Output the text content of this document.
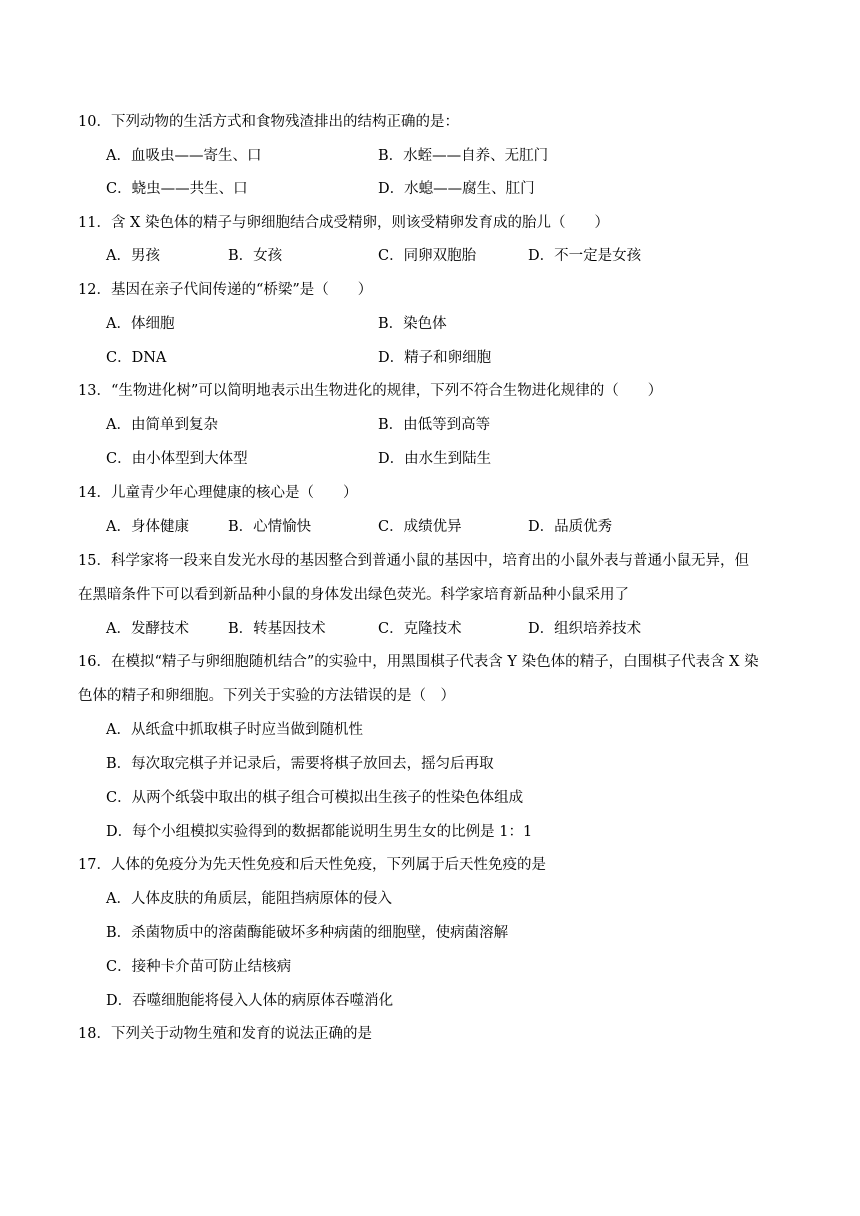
10．下列动物的生活方式和食物残渣排出的结构正确的是：
A．血吸虫——寄生、口	B．水蛭——自养、无肛门
C．蛲虫——共生、口	D．水螅——腐生、肛门
11．含 X 染色体的精子与卵细胞结合成受精卵，则该受精卵发育成的胎儿（　　）
A．男孩	B．女孩	C．同卵双胞胎	D．不一定是女孩
12．基因在亲子代间传递的“桥梁”是（　　）
A．体细胞	B．染色体
C．DNA	D．精子和卵细胞
13．“生物进化树”可以简明地表示出生物进化的规律，下列不符合生物进化规律的（　　）
A．由简单到复杂	B．由低等到高等
C．由小体型到大体型	D．由水生到陆生
14．儿童青少年心理健康的核心是（　　）
A．身体健康	B．心情愉快	C．成绩优异	D．品质优秀
15．科学家将一段来自发光水母的基因整合到普通小鼠的基因中，培育出的小鼠外表与普通小鼠无异，但
在黑暗条件下可以看到新品种小鼠的身体发出绿色荧光。科学家培育新品种小鼠采用了
A．发酵技术	B．转基因技术	C．克隆技术	D．组织培养技术
16．在模拟“精子与卵细胞随机结合”的实验中，用黑围棋子代表含 Y 染色体的精子，白围棋子代表含 X 染
色体的精子和卵细胞。下列关于实验的方法错误的是（　）
A．从纸盒中抓取棋子时应当做到随机性
B．每次取完棋子并记录后，需要将棋子放回去，摇匀后再取
C．从两个纸袋中取出的棋子组合可模拟出生孩子的性染色体组成
D．每个小组模拟实验得到的数据都能说明生男生女的比例是 1：1
17．人体的免疫分为先天性免疫和后天性免疫，下列属于后天性免疫的是
A．人体皮肤的角质层，能阻挡病原体的侵入
B．杀菌物质中的溶菌酶能破坏多种病菌的细胞壁，使病菌溶解
C．接种卡介苗可防止结核病
D．吞噬细胞能将侵入人体的病原体吞噬消化
18．下列关于动物生殖和发育的说法正确的是
